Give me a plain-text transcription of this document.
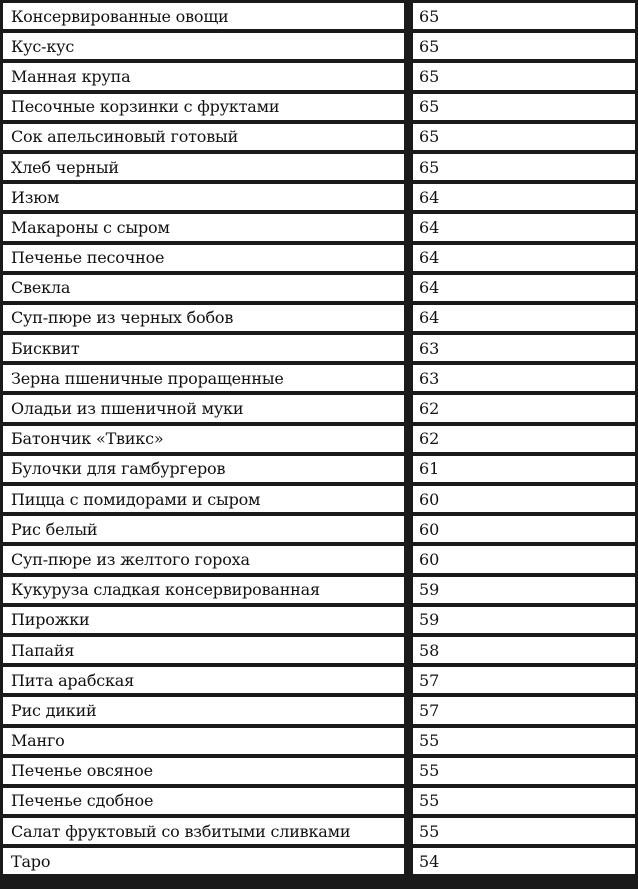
Консервированные овощи	65
Кус-кус	65
Манная крупа	65
Песочные корзинки с фруктами	65
Сок апельсиновый готовый	65
Хлеб черный	65
Изюм	64
Макароны с сыром	64
Печенье песочное	64
Свекла	64
Суп-пюре из черных бобов	64
Бисквит	63
Зерна пшеничные проращенные	63
Оладьи из пшеничной муки	62
Батончик «Твикс»	62
Булочки для гамбургеров	61
Пицца с помидорами и сыром	60
Рис белый	60
Суп-пюре из желтого гороха	60
Кукуруза сладкая консервированная	59
Пирожки	59
Папайя	58
Пита арабская	57
Рис дикий	57
Манго	55
Печенье овсяное	55
Печенье сдобное	55
Салат фруктовый со взбитыми сливками	55
Таро	54
